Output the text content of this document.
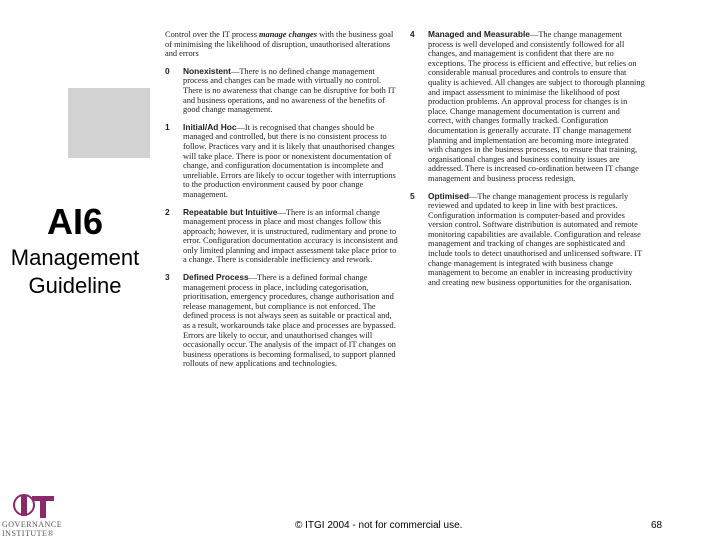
AI6
Management
Guideline
Control over the IT process manage changes with the business goal of minimising the likelihood of disruption, unauthorised alterations and errors
0 Nonexistent—There is no defined change management process and changes can be made with virtually no control. There is no awareness that change can be disruptive for both IT and business operations, and no awareness of the benefits of good change management.
1 Initial/Ad Hoc—It is recognised that changes should be managed and controlled, but there is no consistent process to follow. Practices vary and it is likely that unauthorised changes will take place. There is poor or nonexistent documentation of change, and configuration documentation is incomplete and unreliable. Errors are likely to occur together with interruptions to the production environment caused by poor change management.
2 Repeatable but Intuitive—There is an informal change management process in place and most changes follow this approach; however, it is unstructured, rudimentary and prone to error. Configuration documentation accuracy is inconsistent and only limited planning and impact assessment take place prior to a change. There is considerable inefficiency and rework.
3 Defined Process—There is a defined formal change management process in place, including categorisation, prioritisation, emergency procedures, change authorisation and release management, but compliance is not enforced. The defined process is not always seen as suitable or practical and, as a result, workarounds take place and processes are bypassed. Errors are likely to occur, and unauthorised changes will occasionally occur. The analysis of the impact of IT changes on business operations is becoming formalised, to support planned rollouts of new applications and technologies.
4 Managed and Measurable—The change management process is well developed and consistently followed for all changes, and management is confident that there are no exceptions. The process is efficient and effective, but relies on considerable manual procedures and controls to ensure that quality is achieved. All changes are subject to thorough planning and impact assessment to minimise the likelihood of post production problems. An approval process for changes is in place. Change management documentation is current and correct, with changes formally tracked. Configuration documentation is generally accurate. IT change management planning and implementation are becoming more integrated with changes in the business processes, to ensure that training, organisational changes and business continuity issues are addressed. There is increased co-ordination between IT change management and business process redesign.
5 Optimised—The change management process is regularly reviewed and updated to keep in line with best practices. Configuration information is computer-based and provides version control. Software distribution is automated and remote monitoring capabilities are available. Configuration and release management and tracking of changes are sophisticated and include tools to detect unauthorised and unlicensed software. IT change management is integrated with business change management to become an enabler in increasing productivity and creating new business opportunities for the organisation.
GOVERNANCE
INSTITUTE®
© ITGI 2004 - not for commercial use.	68
